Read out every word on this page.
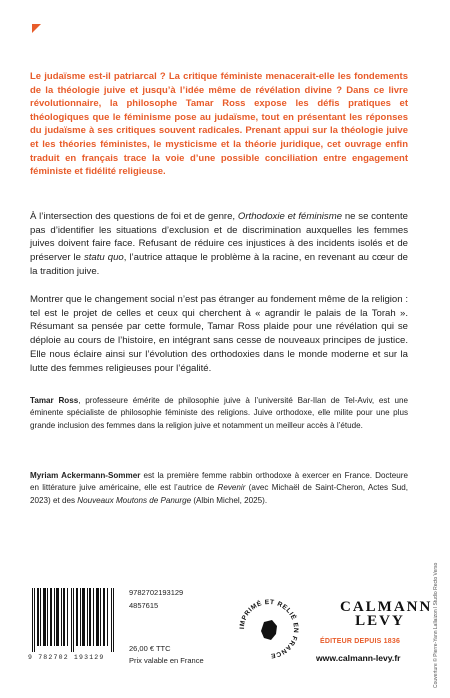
Le judaïsme est-il patriarcal ? La critique féministe menacerait-elle les fondements de la théologie juive et jusqu’à l’idée même de révélation divine ? Dans ce livre révolutionnaire, la philosophe Tamar Ross expose les défis pratiques et théologiques que le féminisme pose au judaïsme, tout en présentant les réponses du judaïsme à ses critiques souvent radicales. Prenant appui sur la théologie juive et les théories féministes, le mysticisme et la théorie juridique, cet ouvrage enfin traduit en français trace la voie d’une possible conciliation entre engagement féministe et fidélité religieuse.
À l’intersection des questions de foi et de genre, Orthodoxie et féminisme ne se contente pas d’identifier les situations d’exclusion et de discrimination auxquelles les femmes juives doivent faire face. Refusant de réduire ces injustices à des incidents isolés et de préserver le statu quo, l’autrice attaque le problème à la racine, en revenant au cœur de la tradition juive.
Montrer que le changement social n’est pas étranger au fondement même de la religion : tel est le projet de celles et ceux qui cherchent à « agrandir le palais de la Torah ». Résumant sa pensée par cette formule, Tamar Ross plaide pour une révélation qui se déploie au cours de l’histoire, en intégrant sans cesse de nouveaux principes de justice. Elle nous éclaire ainsi sur l’évolution des orthodoxies dans le monde moderne et sur la lutte des femmes religieuses pour l’égalité.
Tamar Ross, professeure émérite de philosophie juive à l’université Bar-Ilan de Tel-Aviv, est une éminente spécialiste de philosophie féministe des religions. Juive orthodoxe, elle milite pour une plus grande inclusion des femmes dans la religion juive et notamment un meilleur accès à l’étude.
Myriam Ackermann-Sommer est la première femme rabbin orthodoxe à exercer en France. Docteure en littérature juive américaine, elle est l’autrice de Revenir (avec Michaël de Saint-Cheron, Actes Sud, 2023) et des Nouveaux Moutons de Panurge (Albin Michel, 2025).
Couverture © Pierre-Yann Lallaizon l Studio Recto Verso
9 782702 193129
9782702193129
4857615
26,00 € TTC
Prix valable en France
IMPRIMÉ ET RELIÉ EN FRANCE
CALMANN
LEVY
ÉDITEUR DEPUIS 1836
www.calmann-levy.fr
